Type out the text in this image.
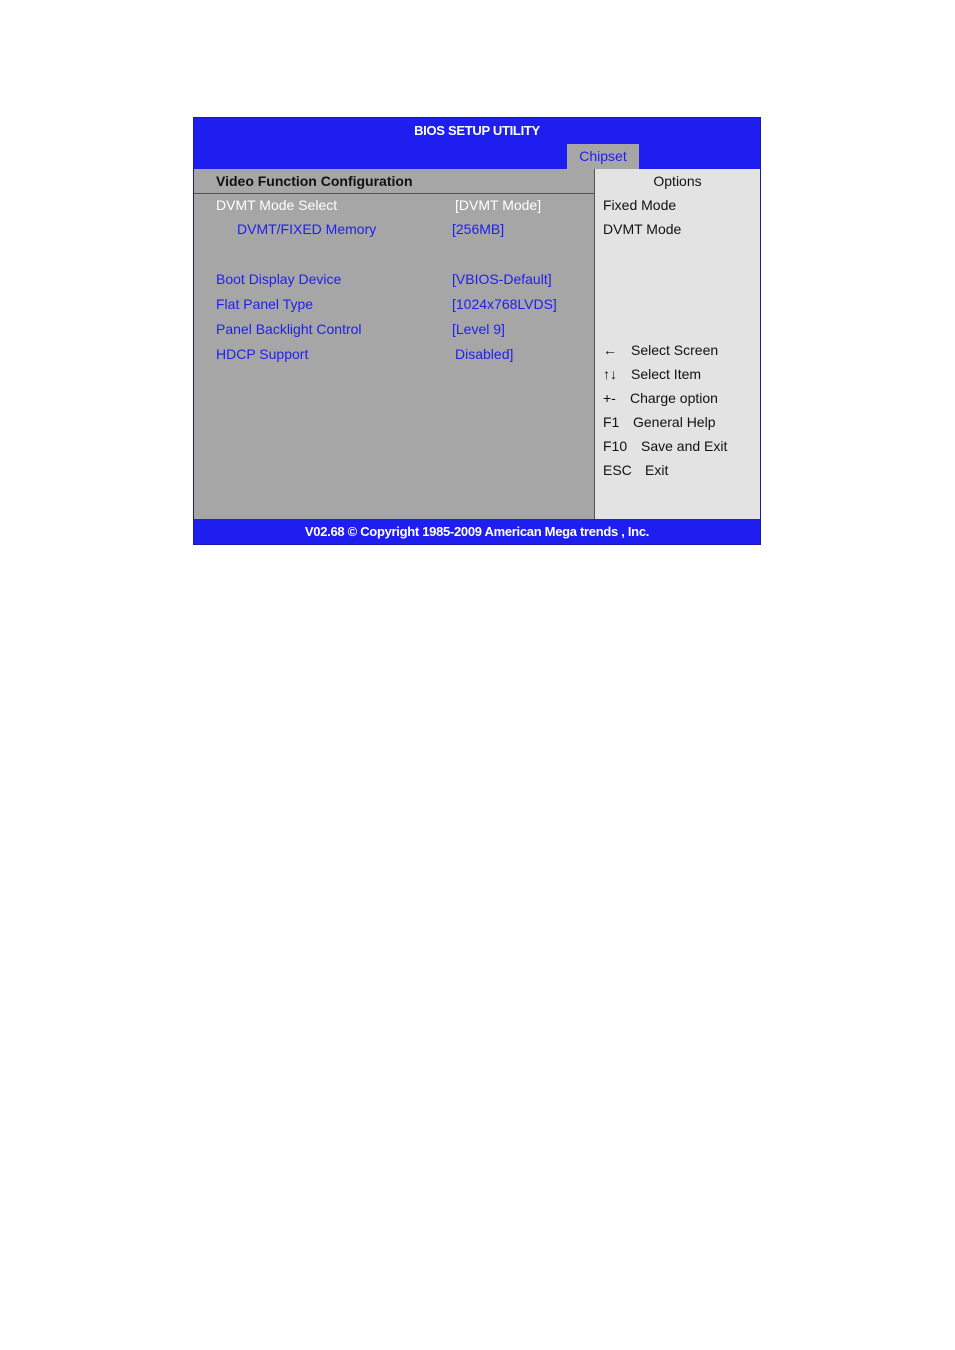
BIOS SETUP UTILITY
Chipset
Video Function Configuration
DVMT Mode Select	[DVMT Mode]
DVMT/FIXED Memory	[256MB]
Boot Display Device	[VBIOS-Default]
Flat Panel Type	[1024x768LVDS]
Panel Backlight Control	[Level 9]
HDCP Support	Disabled]
Options
Fixed Mode
DVMT Mode
← Select Screen
↑↓ Select Item
+- Charge option
F1 General Help
F10 Save and Exit
ESC Exit
V02.68 © Copyright 1985-2009 American Mega trends , Inc.
